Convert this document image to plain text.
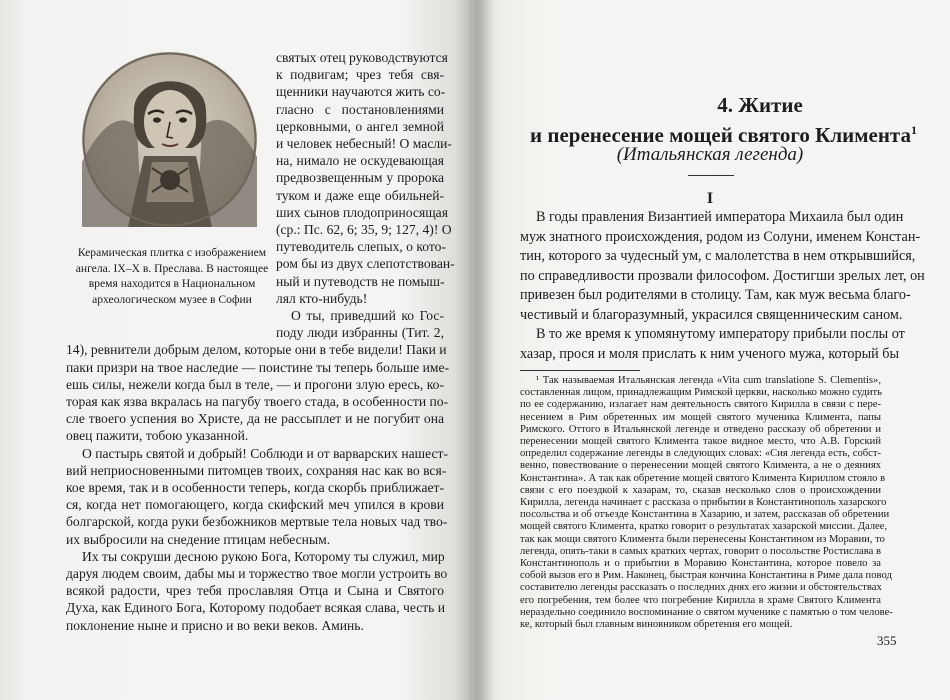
Керамическая плитка с изображением
ангела. IX–X в. Преслава. В настоящее
время находится в Национальном
археологическом музее в Софии
святых отец руководствуются
к подвигам; чрез тебя свя-
щенники научаются жить со-
гласно с постановлениями
церковными, о ангел земной
и человек небесный! О масли-
на, нимало не оскудевающая
предвозвещенным у пророка
туком и даже еще обильней-
ших сынов плодоприносящая
(ср.: Пс. 62, 6; 35, 9; 127, 4)! О
путеводитель слепых, о кото-
ром бы из двух слепотствован-
ный и путеводств не помыш-
лял кто-нибудь!
О ты, приведший ко Гос-
поду люди избранны (Тит. 2,
14), ревнители добрым делом, которые они в тебе видели! Паки и
паки призри на твое наследие — поистине ты теперь больше име-
ешь силы, нежели когда был в теле, — и прогони злую ересь, ко-
торая как язва вкралась на пагубу твоего стада, в особенности по-
сле твоего успения во Христе, да не рассыплет и не погубит она
овец пажити, тобою указанной.
О пастырь святой и добрый! Соблюди и от варварских нашест-
вий неприосновенными питомцев твоих, сохраняя нас как во вся-
кое время, так и в особенности теперь, когда скорбь приближает-
ся, когда нет помогающего, когда скифский меч упился в крови
болгарской, когда руки безбожников мертвые тела новых чад тво-
их выбросили на снедение птицам небесным.
Их ты сокруши десною рукою Бога, Которому ты служил, мир
даруя людем своим, дабы мы и торжество твое могли устроить во
всякой радости, чрез тебя прославляя Отца и Сына и Святого
Духа, как Единого Бога, Которому подобает всякая слава, честь и
поклонение ныне и присно и во веки веков. Аминь.
4. Житие
и перенесение мощей святого Климента$^1$
(Итальянская легенда)
I
В годы правления Византией императора Михаила был один
муж знатного происхождения, родом из Солуни, именем Констан-
тин, которого за чудесный ум, с малолетства в нем открывшийся,
по справедливости прозвали философом. Достигши зрелых лет, он
привезен был родителями в столицу. Там, как муж весьма благо-
честивый и благоразумный, украсился священническим саном.
В то же время к упомянутому императору прибыли послы от
хазар, прося и моля прислать к ним ученого мужа, который бы
¹ Так называемая Итальянская легенда «Vita cum translatione S. Clementis»,
составленная лицом, принадлежащим Римской церкви, насколько можно судить
по ее содержанию, излагает нам деятельность святого Кирилла в связи с пере-
несением в Рим обретенных им мощей святого мученика Климента, папы
Римского. Оттого в Итальянской легенде и отведено рассказу об обретении и
перенесении мощей святого Климента такое видное место, что А.В. Горский
определил содержание легенды в следующих словах: «Сия легенда есть, собст-
венно, повествование о перенесении мощей святого Климента, а не о деяниях
Константина». А так как обретение мощей святого Климента Кириллом стояло в
связи с его поездкой к хазарам, то, сказав несколько слов о происхождении
Кирилла, легенда начинает с рассказа о прибытии в Константинополь хазарского
посольства и об отъезде Константина в Хазарию, и затем, рассказав об обретении
мощей святого Климента, кратко говорит о результатах хазарской миссии. Далее,
так как мощи святого Климента были перенесены Константином из Моравии, то
легенда, опять-таки в самых кратких чертах, говорит о посольстве Ростислава в
Константинополь и о прибытии в Моравию Константина, которое повело за
собой вызов его в Рим. Наконец, быстрая кончина Константина в Риме дала повод
составителю легенды рассказать о последних днях его жизни и обстоятельствах
его погребения, тем более что погребение Кирилла в храме Святого Климента
нераздельно соединило воспоминание о святом мученике с памятью о том челове-
ке, который был главным виновником обретения его мощей.
355
